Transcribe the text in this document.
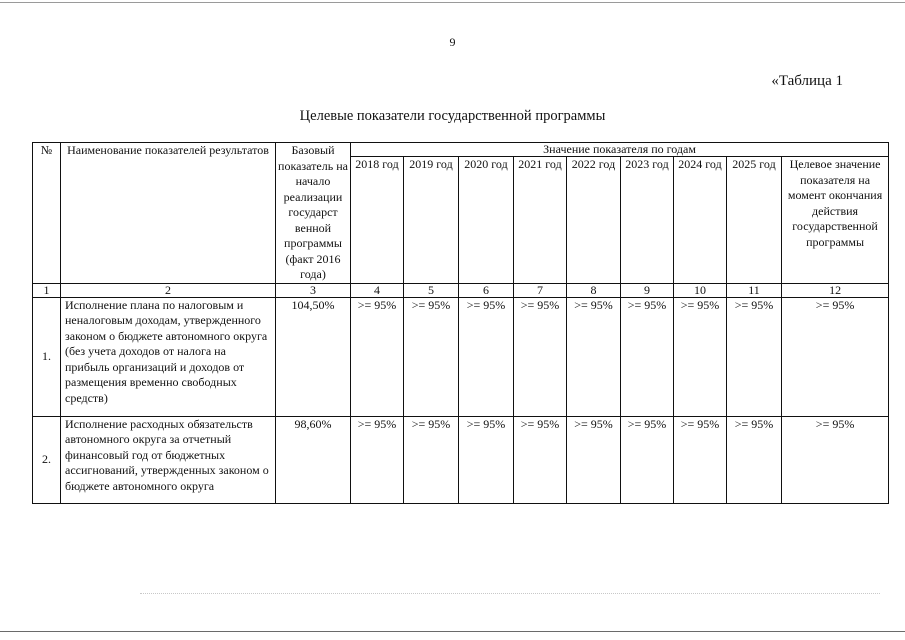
9
«Таблица 1
Целевые показатели государственной программы
№	Наименование показателей результатов	Базовый показатель на начало реализации государст венной программы (факт 2016 года)	Значение показателя по годам								
			2018 год	2019 год	2020 год	2021 год	2022 год	2023 год	2024 год	2025 год	Целевое значение показателя на момент окончания действия государственной программы
1	2	3	4	5	6	7	8	9	10	11	12
1.	Исполнение плана по налоговым и неналоговым доходам, утвержденного законом о бюджете автономного округа (без учета доходов от налога на прибыль организаций и доходов от размещения временно свободных средств)	104,50%	>= 95%	>= 95%	>= 95%	>= 95%	>= 95%	>= 95%	>= 95%	>= 95%	>= 95%
2.	Исполнение расходных обязательств автономного округа за отчетный финансовый год от бюджетных ассигнований, утвержденных законом о бюджете автономного округа	98,60%	>= 95%	>= 95%	>= 95%	>= 95%	>= 95%	>= 95%	>= 95%	>= 95%	>= 95%
